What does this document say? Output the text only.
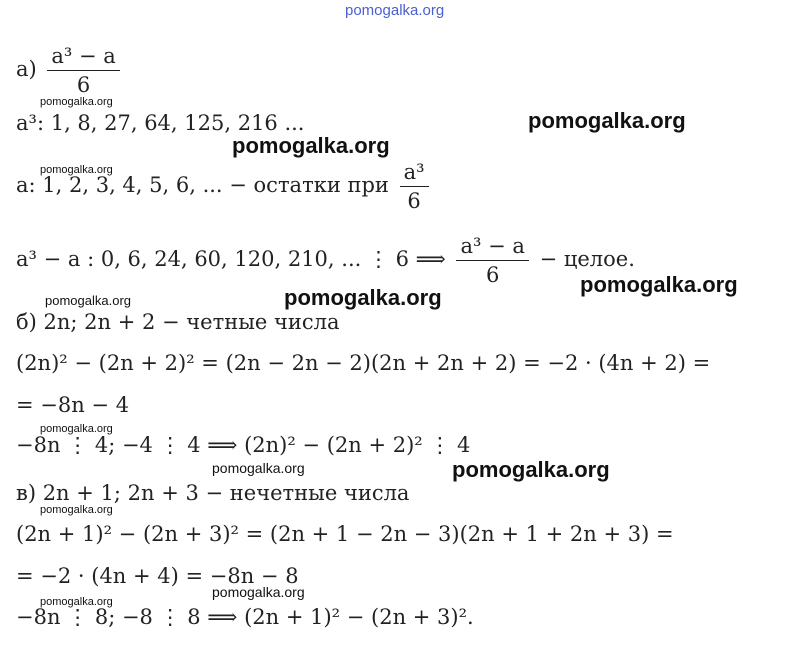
pomogalka.org
$а) \frac{\text{a³ − a}}{6}$
a³: 1, 8, 27, 64, 125, 216 ...
a: 1, 2, 3, 4, 5, 6, ... − остатки при $\frac{\text{a³}}{6}$
a³ − a : 0, 6, 24, 60, 120, 210, ... ⋮ 6 ⟹ $\frac{\text{a³ − a}}{6}$ − целое.
б) 2n; 2n + 2 − четные числа
(2n)² − (2n + 2)² = (2n − 2n − 2)(2n + 2n + 2) = −2 · (4n + 2) =
= −8n − 4
−8n ⋮ 4; −4 ⋮ 4 ⟹ (2n)² − (2n + 2)² ⋮ 4
в) 2n + 1; 2n + 3 − нечетные числа
(2n + 1)² − (2n + 3)² = (2n + 1 − 2n − 3)(2n + 1 + 2n + 3) =
= −2 · (4n + 4) = −8n − 8
−8n ⋮ 8; −8 ⋮ 8 ⟹ (2n + 1)² − (2n + 3)².
pomogalka.org
pomogalka.org
pomogalka.org
pomogalka.org
pomogalka.org
pomogalka.org
pomogalka.org
pomogalka.org
pomogalka.org
pomogalka.org
pomogalka.org
pomogalka.org
pomogalka.org
